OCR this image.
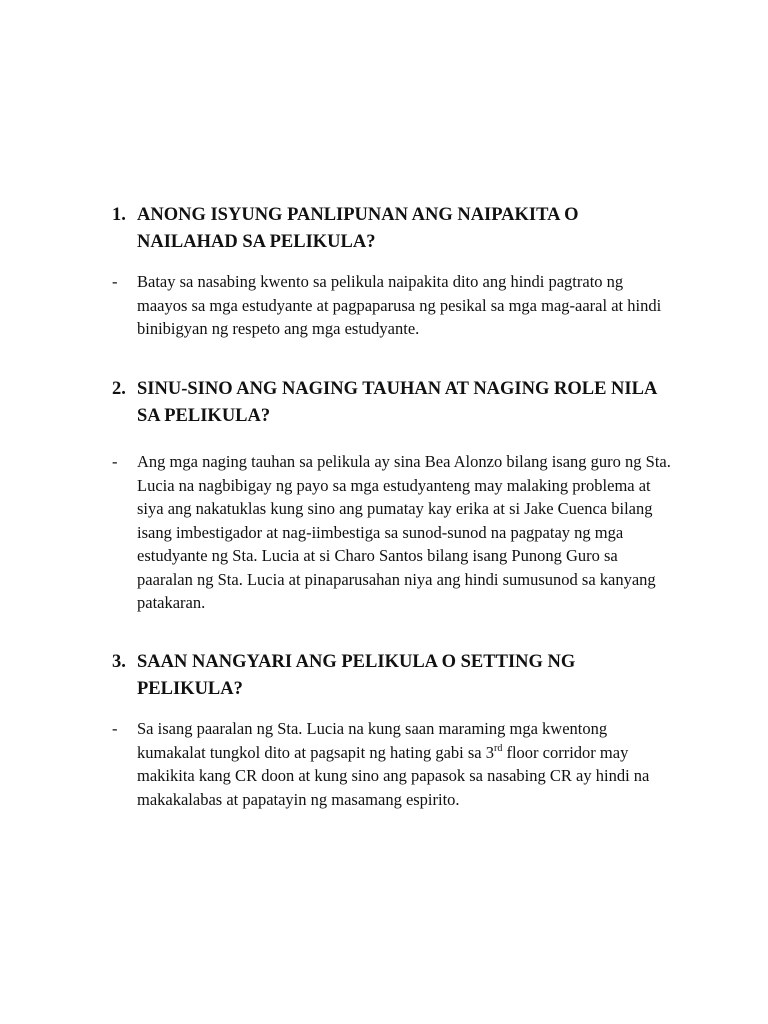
1. ANONG ISYUNG PANLIPUNAN ANG NAIPAKITA O NAILAHAD SA PELIKULA?

- Batay sa nasabing kwento sa pelikula naipakita dito ang hindi pagtrato ng maayos sa mga estudyante at pagpaparusa ng pesikal sa mga mag-aaral at hindi binibigyan ng respeto ang mga estudyante.

2. SINU-SINO ANG NAGING TAUHAN AT NAGING ROLE NILA SA PELIKULA?

- Ang mga naging tauhan sa pelikula ay sina Bea Alonzo bilang isang guro ng Sta. Lucia na nagbibigay ng payo sa mga estudyanteng may malaking problema at siya ang nakatuklas kung sino ang pumatay kay erika at si Jake Cuenca bilang isang imbestigador at nag-iimbestiga sa sunod-sunod na pagpatay ng mga estudyante ng Sta. Lucia at si Charo Santos bilang isang Punong Guro sa paaralan ng Sta. Lucia at pinaparusahan niya ang hindi sumusunod sa kanyang patakaran.

3. SAAN NANGYARI ANG PELIKULA O SETTING NG PELIKULA?

- Sa isang paaralan ng Sta. Lucia na kung saan maraming mga kwentong kumakalat tungkol dito at pagsapit ng hating gabi sa 3rd floor corridor may makikita kang CR doon at kung sino ang papasok sa nasabing CR ay hindi na makakalabas at papatayin ng masamang espirito.
